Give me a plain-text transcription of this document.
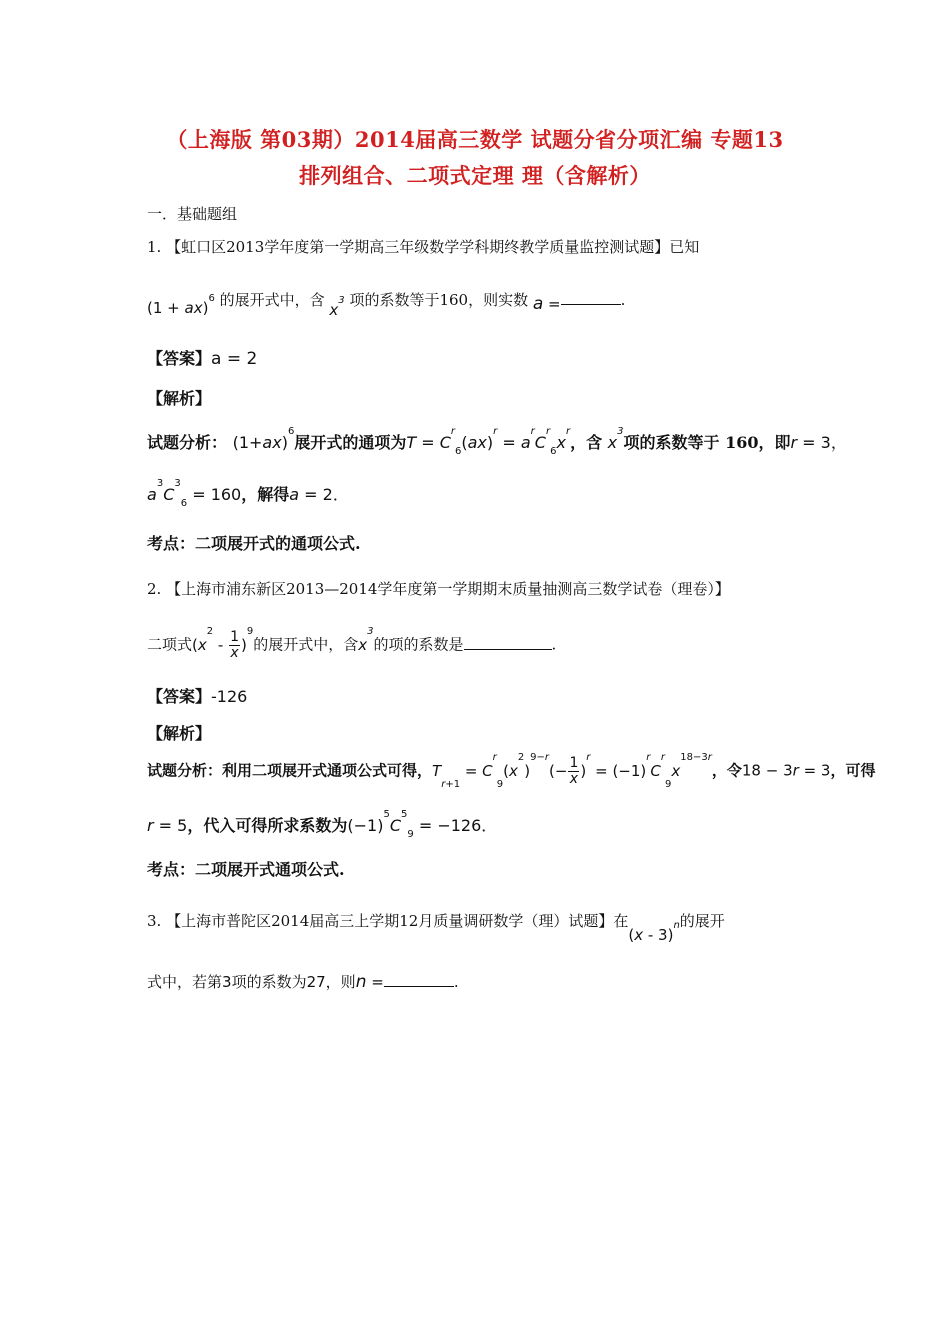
（上海版 第03期）2014届高三数学 试题分省分项汇编 专题13
排列组合、二项式定理 理（含解析）
一．基础题组
1. 【虹口区2013学年度第一学期高三年级数学学科期终教学质量监控测试题】已知
(1 + ax)$^6$ 的展开式中，含 $x^3$ 项的系数等于160，则实数 a =	.
【答案】a = 2
【解析】
试题分析： $(1+ax)^6$展开式的通项为$T = C^r_6(ax)^r = a^rC^r_6x^r$，含 $x^3$项的系数等于 160，即r = 3，
$a^3C^3_6 = 160$，解得a = 2．
考点：二项展开式的通项公式.
2. 【上海市浦东新区2013—2014学年度第一学期期末质量抽测高三数学试卷（理卷）】
二项式$(x^2 - \frac{1}{x} )^9$的展开式中，含$x^3$的项的系数是	.
【答案】-126
【解析】
试题分析：利用二项展开式通项公式可得，$T_{r+1} = C^r_9(x^2)^{9-r}(- \frac{1}{x} )^r = (-1)^rC^r_9x^{18-3r}$，令18 − 3r = 3，可得
r = 5，代入可得所求系数为$(-1)^5C^5_9 = -126$．
考点：二项展开式通项公式.
3. 【上海市普陀区2014届高三上学期12月质量调研数学（理）试题】在(x - 3)$^n$的展开
式中，若第3项的系数为27，则n =	.
